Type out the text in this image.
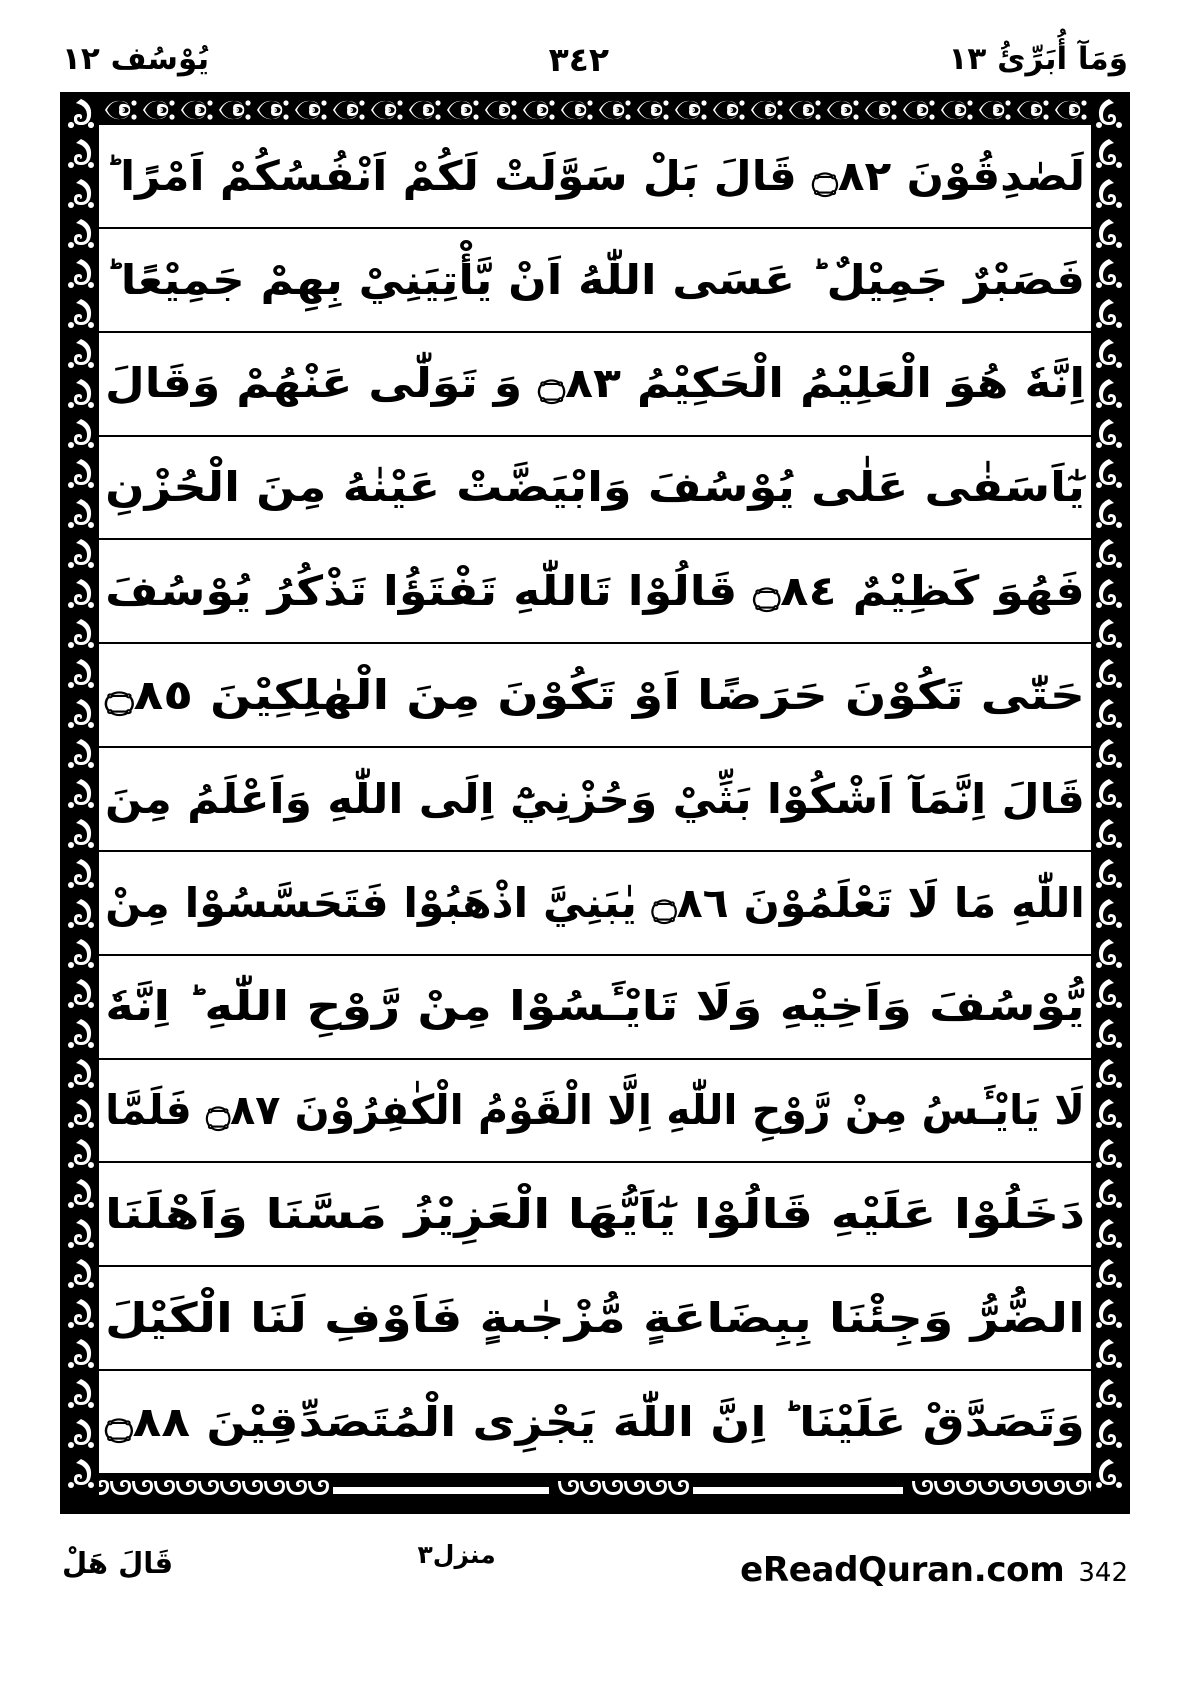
وَمَآ أُبَرِّئُ ١٣
٣٤٢
يُوْسُف ١٢
لَصٰدِقُوْنَ ۝٨٢ قَالَ بَلْ سَوَّلَتْ لَكُمْ اَنْفُسُكُمْ اَمْرًا ؕ
فَصَبْرٌ جَمِيْلٌ ؕ عَسَى اللّٰهُ اَنْ يَّأْتِيَنِيْ بِهِمْ جَمِيْعًا ؕ
اِنَّهٗ هُوَ الْعَلِيْمُ الْحَكِيْمُ ۝٨٣ وَ تَوَلّٰى عَنْهُمْ وَقَالَ
يٰٓاَسَفٰى عَلٰى يُوْسُفَ وَابْيَضَّتْ عَيْنٰهُ مِنَ الْحُزْنِ
فَهُوَ كَظِيْمٌ ۝٨٤ قَالُوْا تَاللّٰهِ تَفْتَؤُا تَذْكُرُ يُوْسُفَ
حَتّٰى تَكُوْنَ حَرَضًا اَوْ تَكُوْنَ مِنَ الْهٰلِكِيْنَ ۝٨٥
قَالَ اِنَّمَآ اَشْكُوْا بَثِّيْ وَحُزْنِيْٓ اِلَى اللّٰهِ وَاَعْلَمُ مِنَ
اللّٰهِ مَا لَا تَعْلَمُوْنَ ۝٨٦ يٰبَنِيَّ اذْهَبُوْا فَتَحَسَّسُوْا مِنْ
يُّوْسُفَ وَاَخِيْهِ وَلَا تَايْـَٔسُوْا مِنْ رَّوْحِ اللّٰهِ ؕ اِنَّهٗ
لَا يَايْـَٔسُ مِنْ رَّوْحِ اللّٰهِ اِلَّا الْقَوْمُ الْكٰفِرُوْنَ ۝٨٧ فَلَمَّا
دَخَلُوْا عَلَيْهِ قَالُوْا يٰٓاَيُّهَا الْعَزِيْزُ مَسَّنَا وَاَهْلَنَا
الضُّرُّ وَجِئْنَا بِبِضَاعَةٍ مُّزْجٰىةٍ فَاَوْفِ لَنَا الْكَيْلَ
وَتَصَدَّقْ عَلَيْنَا ؕ اِنَّ اللّٰهَ يَجْزِى الْمُتَصَدِّقِيْنَ ۝٨٨
eReadQuran.com 342
منزل٣
قَالَ هَلْ
